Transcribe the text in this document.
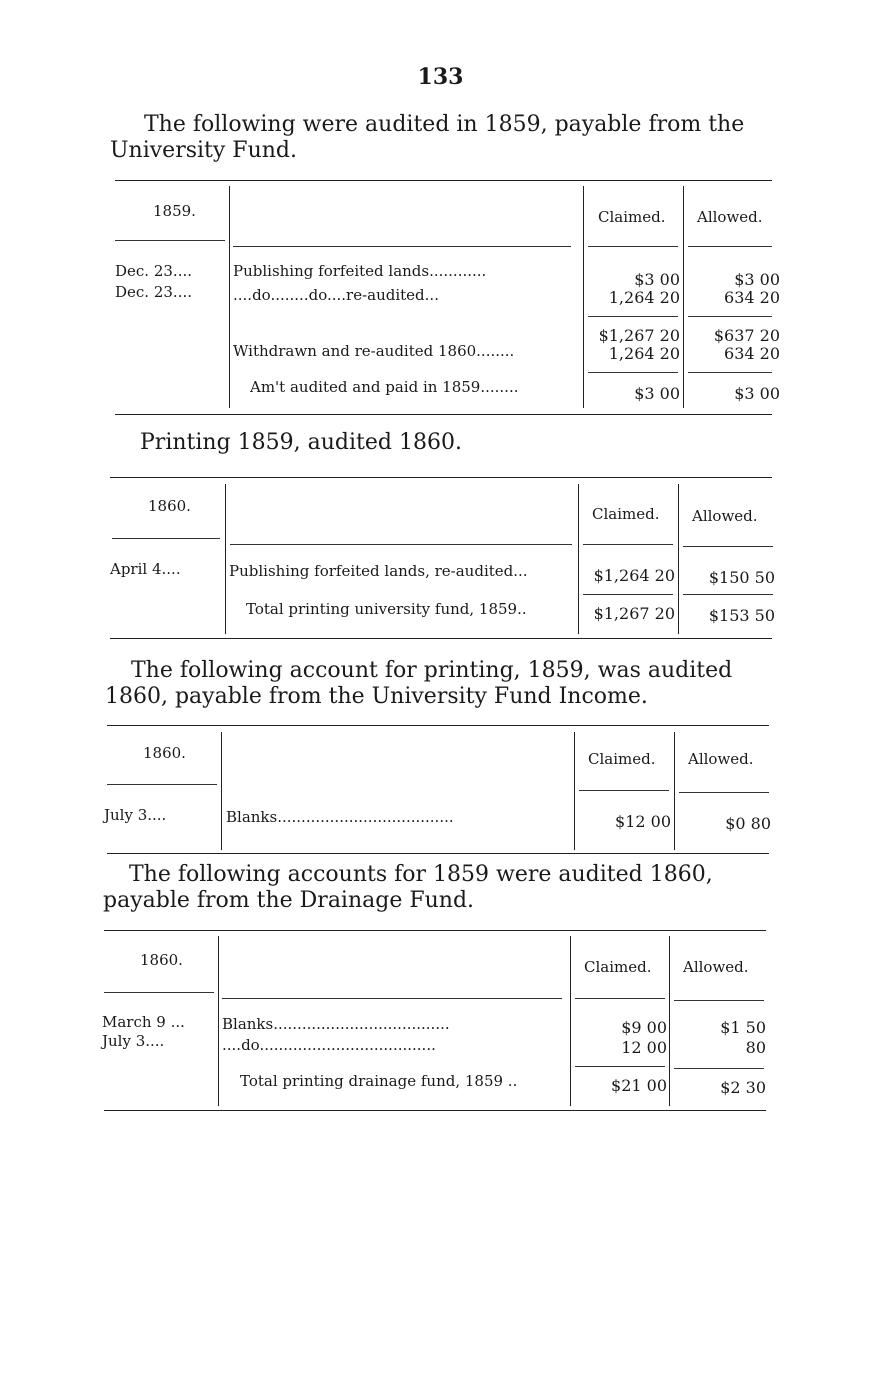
133
The following were audited in 1859, payable from the University Fund.
1859.	Claimed. Allowed.
Dec. 23....	Publishing forfeited lands............	$3 00	$3 00
Dec. 23....	....do........do....re-audited...	1,264 20	634 20
$1,267 20	$637 20
Withdrawn and re-audited 1860........	1,264 20	634 20
Am't audited and paid in 1859........	$3 00	$3 00
Printing 1859, audited 1860.
1860.	Claimed. Allowed.
April 4....	Publishing forfeited lands, re-audited...	$1,264 20	$150 50
Total printing university fund, 1859..	$1,267 20	$153 50
The following account for printing, 1859, was audited 1860, payable from the University Fund Income.
1860.	Claimed. Allowed.
July 3....	Blanks.....................................	$12 00	$0 80
The following accounts for 1859 were audited 1860, payable from the Drainage Fund.
1860.	Claimed. Allowed.
March 9 ... Blanks.....................................	$9 00	$1 50
July 3....	....do.....................................	12 00	80
Total printing drainage fund, 1859 ..	$21 00	$2 30
